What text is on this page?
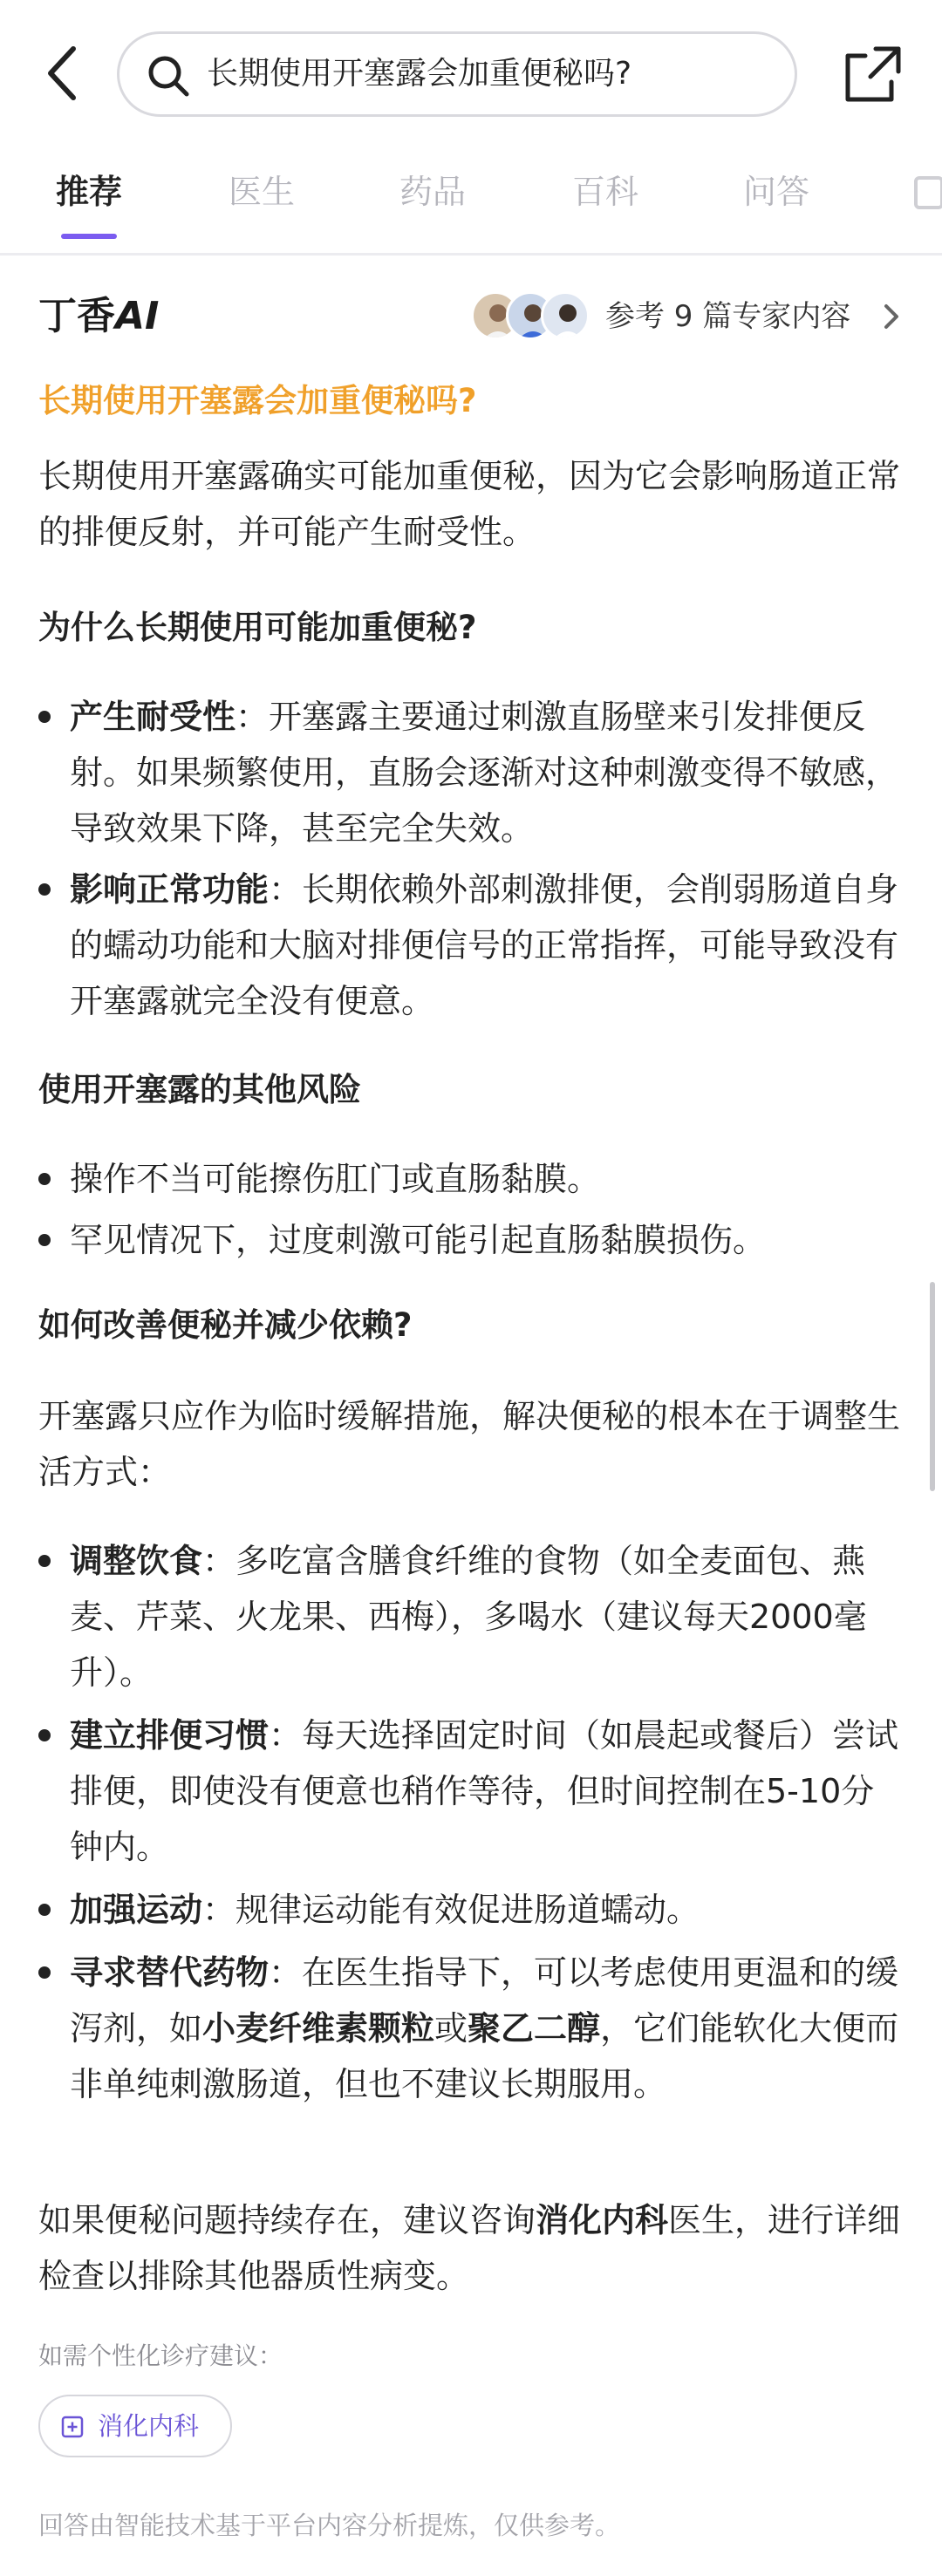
长期使用开塞露会加重便秘吗?
推荐	医生	药品	百科	问答
丁香AI	参考 9 篇专家内容
长期使用开塞露会加重便秘吗?

长期使用开塞露确实可能加重便秘，因为它会影响肠道正常的排便反射，并可能产生耐受性。

为什么长期使用可能加重便秘?
产生耐受性：开塞露主要通过刺激直肠壁来引发排便反射。如果频繁使用，直肠会逐渐对这种刺激变得不敏感，导致效果下降，甚至完全失效。
影响正常功能：长期依赖外部刺激排便，会削弱肠道自身的蠕动功能和大脑对排便信号的正常指挥，可能导致没有开塞露就完全没有便意。
使用开塞露的其他风险
操作不当可能擦伤肛门或直肠黏膜。
罕见情况下，过度刺激可能引起直肠黏膜损伤。
如何改善便秘并减少依赖?

开塞露只应作为临时缓解措施，解决便秘的根本在于调整生活方式：

调整饮食：多吃富含膳食纤维的食物（如全麦面包、燕麦、芹菜、火龙果、西梅），多喝水（建议每天2000毫升）。
建立排便习惯：每天选择固定时间（如晨起或餐后）尝试排便，即使没有便意也稍作等待，但时间控制在5-10分钟内。
加强运动：规律运动能有效促进肠道蠕动。
寻求替代药物：在医生指导下，可以考虑使用更温和的缓泻剂，如小麦纤维素颗粒或聚乙二醇，它们能软化大便而非单纯刺激肠道，但也不建议长期服用。

如果便秘问题持续存在，建议咨询消化内科医生，进行详细检查以排除其他器质性病变。

如需个性化诊疗建议：
消化内科
回答由智能技术基于平台内容分析提炼，仅供参考。
